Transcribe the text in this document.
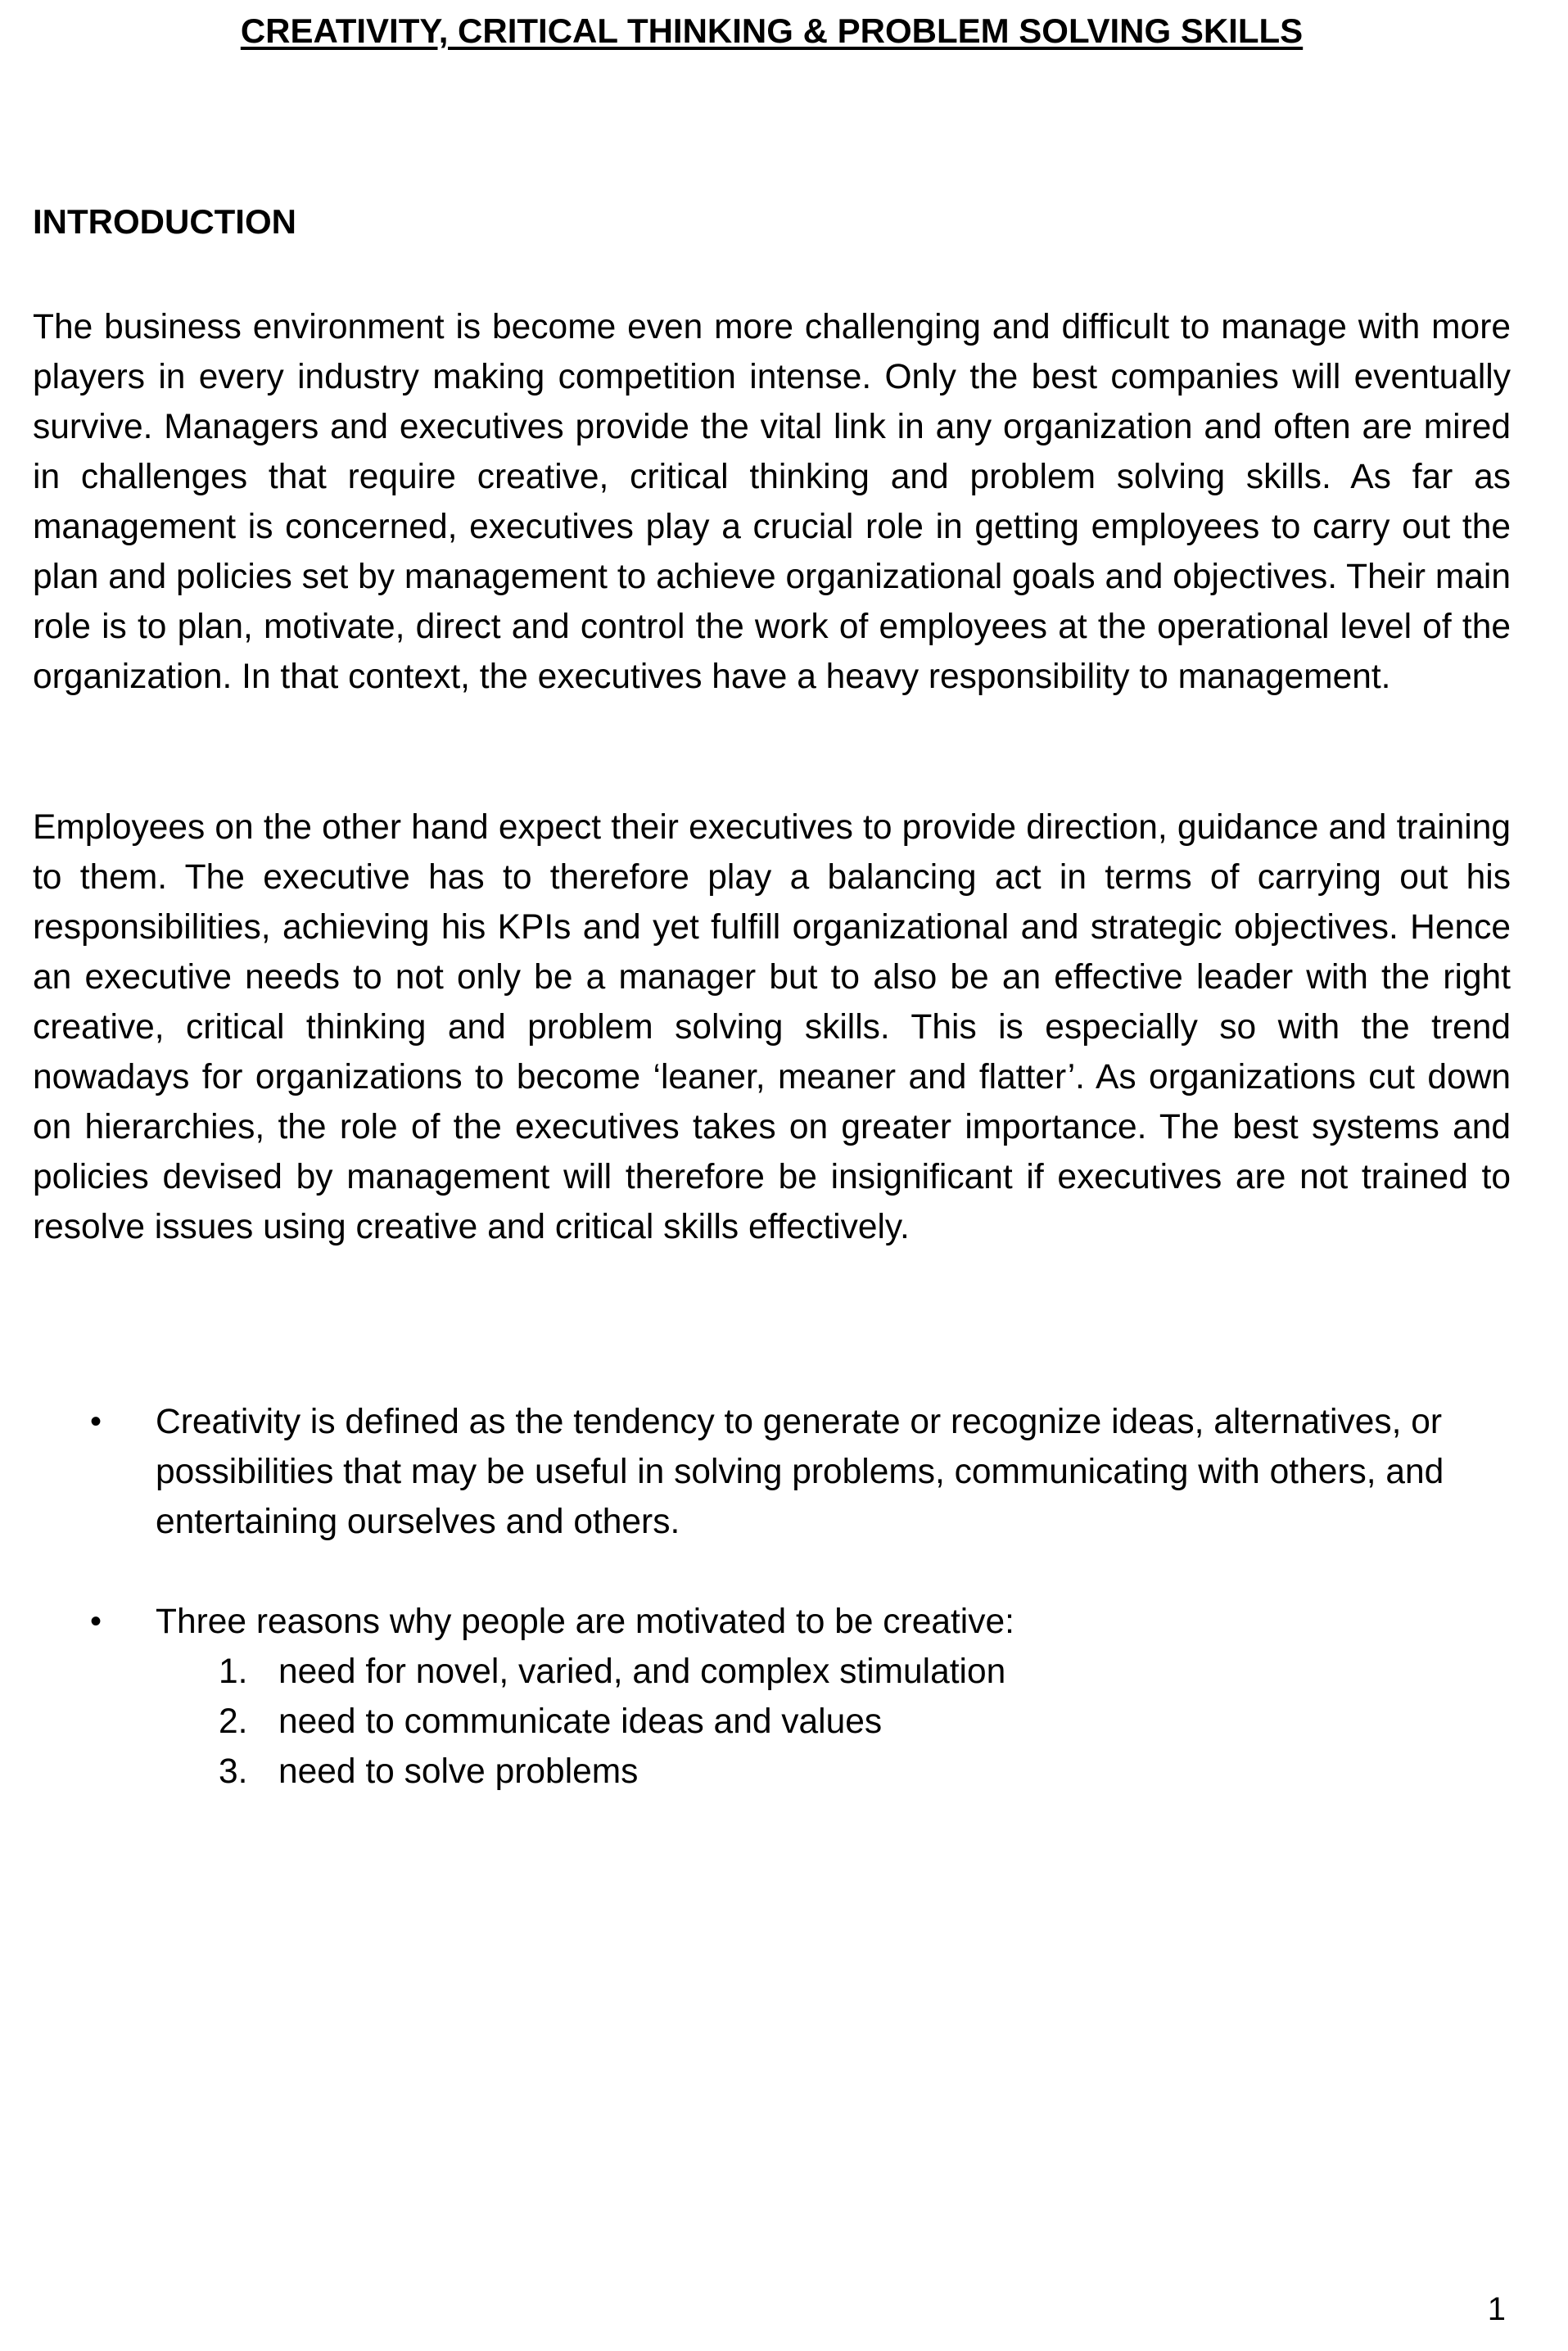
CREATIVITY, CRITICAL THINKING & PROBLEM SOLVING SKILLS
INTRODUCTION

The business environment is become even more challenging and difficult to manage with more players in every industry making competition intense. Only the best companies will eventually survive. Managers and executives provide the vital link in any organization and often are mired in challenges that require creative, critical thinking and problem solving skills. As far as management is concerned, executives play a crucial role in getting employees to carry out the plan and policies set by management to achieve organizational goals and objectives. Their main role is to plan, motivate, direct and control the work of employees at the operational level of the organization. In that context, the executives have a heavy responsibility to management.

Employees on the other hand expect their executives to provide direction, guidance and training to them. The executive has to therefore play a balancing act in terms of carrying out his responsibilities, achieving his KPIs and yet fulfill organizational and strategic objectives. Hence an executive needs to not only be a manager but to also be an effective leader with the right creative, critical thinking and problem solving skills. This is especially so with the trend nowadays for organizations to become ‘leaner, meaner and flatter’. As organizations cut down on hierarchies, the role of the executives takes on greater importance. The best systems and policies devised by management will therefore be insignificant if executives are not trained to resolve issues using creative and critical skills effectively.

• Creativity is defined as the tendency to generate or recognize ideas, alternatives, or possibilities that may be useful in solving problems, communicating with others, and entertaining ourselves and others.
• Three reasons why people are motivated to be creative:
1. need for novel, varied, and complex stimulation
2. need to communicate ideas and values
3. need to solve problems

1
